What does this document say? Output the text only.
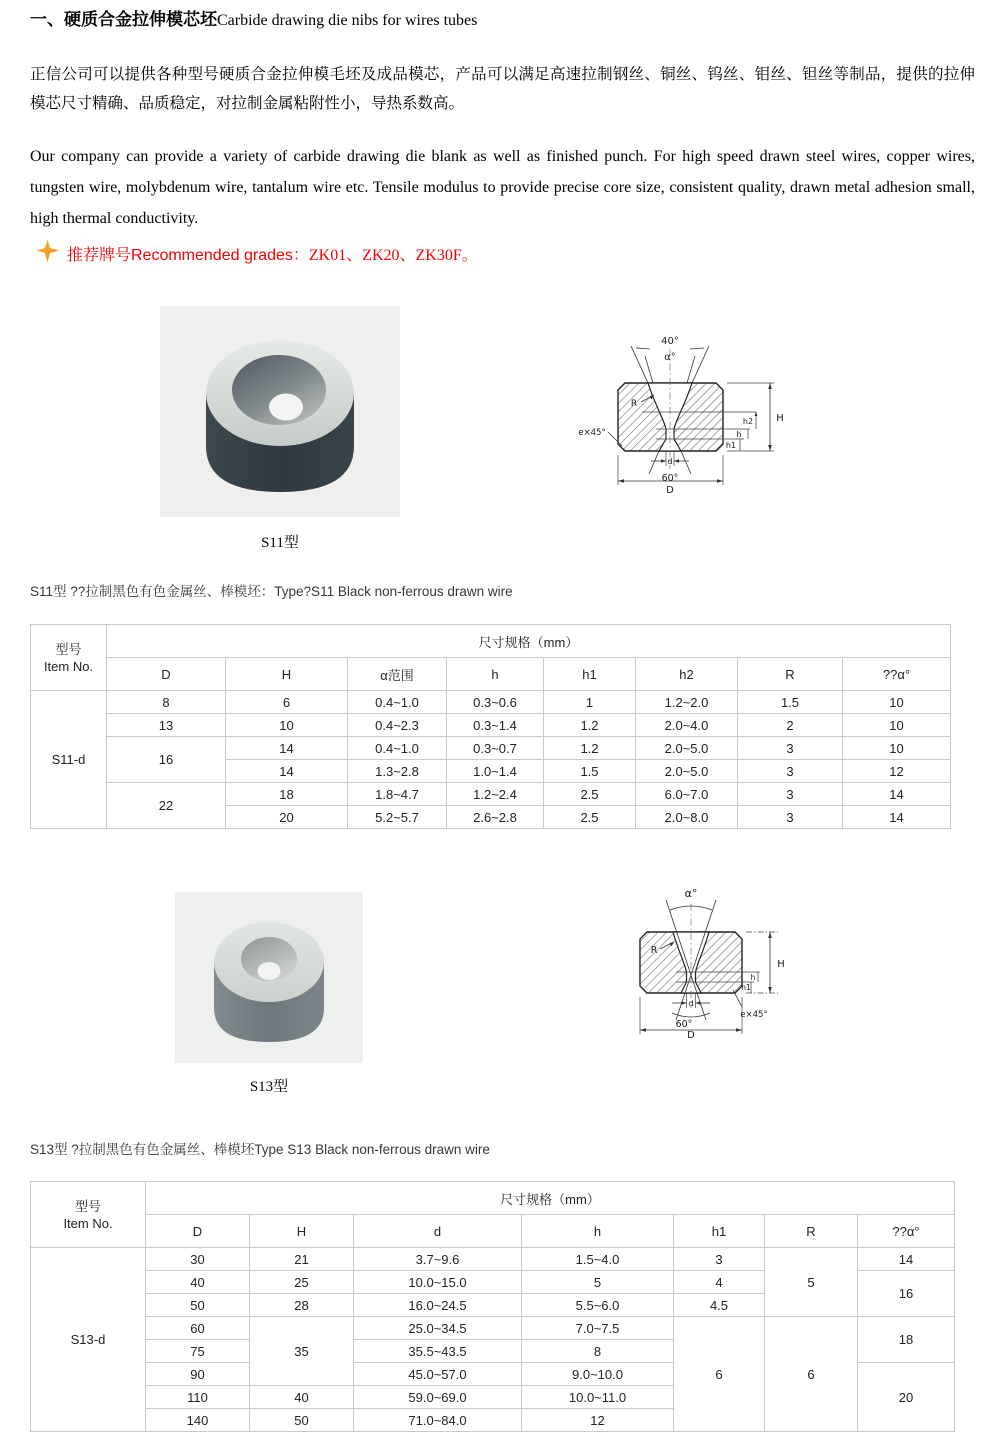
一、硬质合金拉伸模芯坯Carbide drawing die nibs for wires tubes
正信公司可以提供各种型号硬质合金拉伸模毛坯及成品模芯，产品可以满足高速拉制钢丝、铜丝、钨丝、钼丝、钽丝等制品，提供的拉伸模芯尺寸精确、品质稳定，对拉制金属粘附性小，导热系数高。
Our company can provide a variety of carbide drawing die blank as well as finished punch. For high speed drawn steel wires, copper wires, tungsten wire, molybdenum wire, tantalum wire etc. Tensile modulus to provide precise core size, consistent quality, drawn metal adhesion small, high thermal conductivity.
推荐牌号Recommended grades：ZK01、ZK20、ZK30F。
S11型
40°
α°
R
e×45°
d
60°
D
H
h2
h
h1
S11型 ??拉制黑色有色金属丝、棒模坯：Type?S11 Black non-ferrous drawn wire
型号
Item No.	尺寸规格（mm）							
	D	H	α范围	h	h1	h2	R	??α°
S11-d	8	6	0.4~1.0	0.3~0.6	1	1.2~2.0	1.5	10
	13	10	0.4~2.3	0.3~1.4	1.2	2.0~4.0	2	10
	16	14	0.4~1.0	0.3~0.7	1.2	2.0~5.0	3	10
		14	1.3~2.8	1.0~1.4	1.5	2.0~5.0	3	12
	22	18	1.8~4.7	1.2~2.4	2.5	6.0~7.0	3	14
		20	5.2~5.7	2.6~2.8	2.5	2.0~8.0	3	14
S13型
α°
R
d
60°
e×45°
D
H
h
h1
S13型 ?拉制黑色有色金属丝、棒模坯Type S13 Black non-ferrous drawn wire
型号
Item No.	尺寸规格（mm）						
	D	H	d	h	h1	R	??α°
S13-d	30	21	3.7~9.6	1.5~4.0	3	5	14
	40	25	10.0~15.0	5	4		16
	50	28	16.0~24.5	5.5~6.0	4.5		
	60	35	25.0~34.5	7.0~7.5	6	6	18
	75		35.5~43.5	8			
	90		45.0~57.0	9.0~10.0			20
	110	40	59.0~69.0	10.0~11.0			
	140	50	71.0~84.0	12			
